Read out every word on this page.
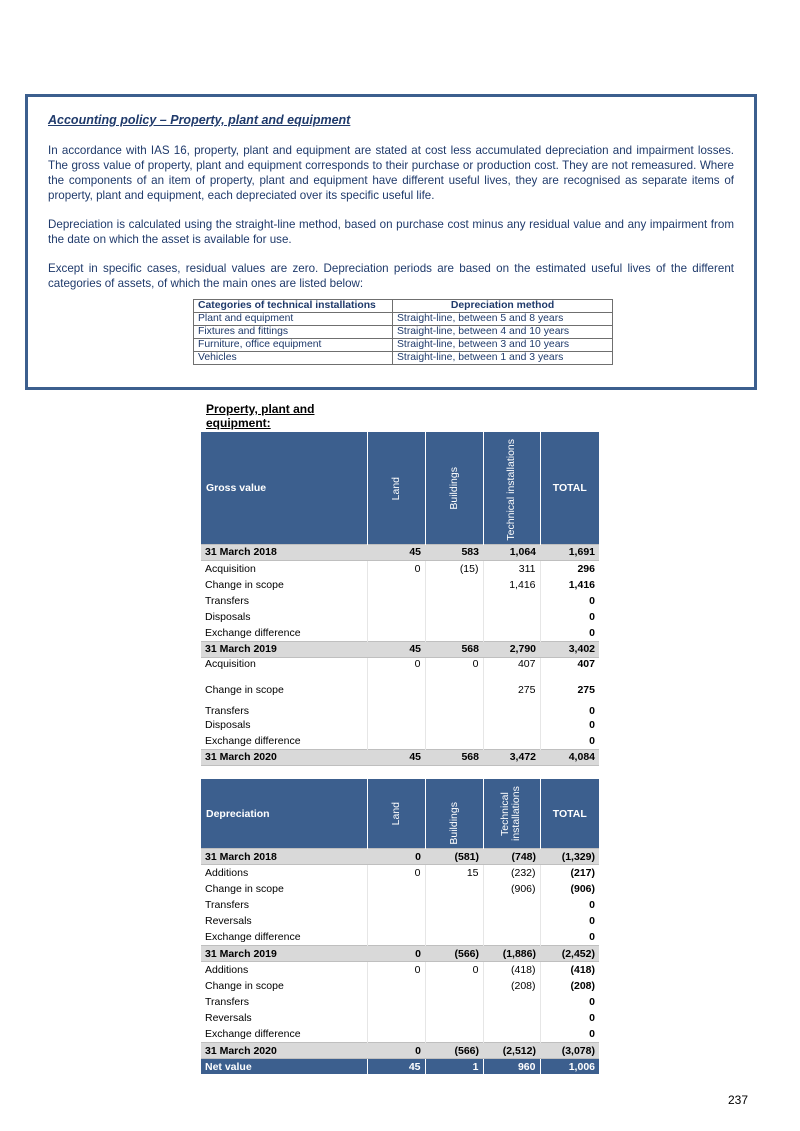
Accounting policy – Property, plant and equipment

In accordance with IAS 16, property, plant and equipment are stated at cost less accumulated depreciation and impairment losses. The gross value of property, plant and equipment corresponds to their purchase or production cost. They are not remeasured. Where the components of an item of property, plant and equipment have different useful lives, they are recognised as separate items of property, plant and equipment, each depreciated over its specific useful life.

Depreciation is calculated using the straight-line method, based on purchase cost minus any residual value and any impairment from the date on which the asset is available for use.

Except in specific cases, residual values are zero. Depreciation periods are based on the estimated useful lives of the different categories of assets, of which the main ones are listed below:

Categories of technical installations	Depreciation method
Plant and equipment	Straight-line, between 5 and 8 years
Fixtures and fittings	Straight-line, between 4 and 10 years
Furniture, office equipment	Straight-line, between 3 and 10 years
Vehicles	Straight-line, between 1 and 3 years
Property, plant and equipment:
Gross value	Land	Buildings	Technical installations	TOTAL
31 March 2018	45	583	1,064	1,691
Acquisition	0	(15)	311	296
Change in scope			1,416	1,416
Transfers				0
Disposals				0
Exchange difference				0
31 March 2019	45	568	2,790	3,402
Acquisition	0	0	407	407
Change in scope			275	275
Transfers				0
Disposals				0
Exchange difference				0
31 March 2020	45	568	3,472	4,084
Depreciation	Land	Buildings	Technical installations	TOTAL
31 March 2018	0	(581)	(748)	(1,329)
Additions	0	15	(232)	(217)
Change in scope			(906)	(906)
Transfers				0
Reversals				0
Exchange difference				0
31 March 2019	0	(566)	(1,886)	(2,452)
Additions	0	0	(418)	(418)
Change in scope			(208)	(208)
Transfers				0
Reversals				0
Exchange difference				0
31 March 2020	0	(566)	(2,512)	(3,078)
Net value	45	1	960	1,006
237
